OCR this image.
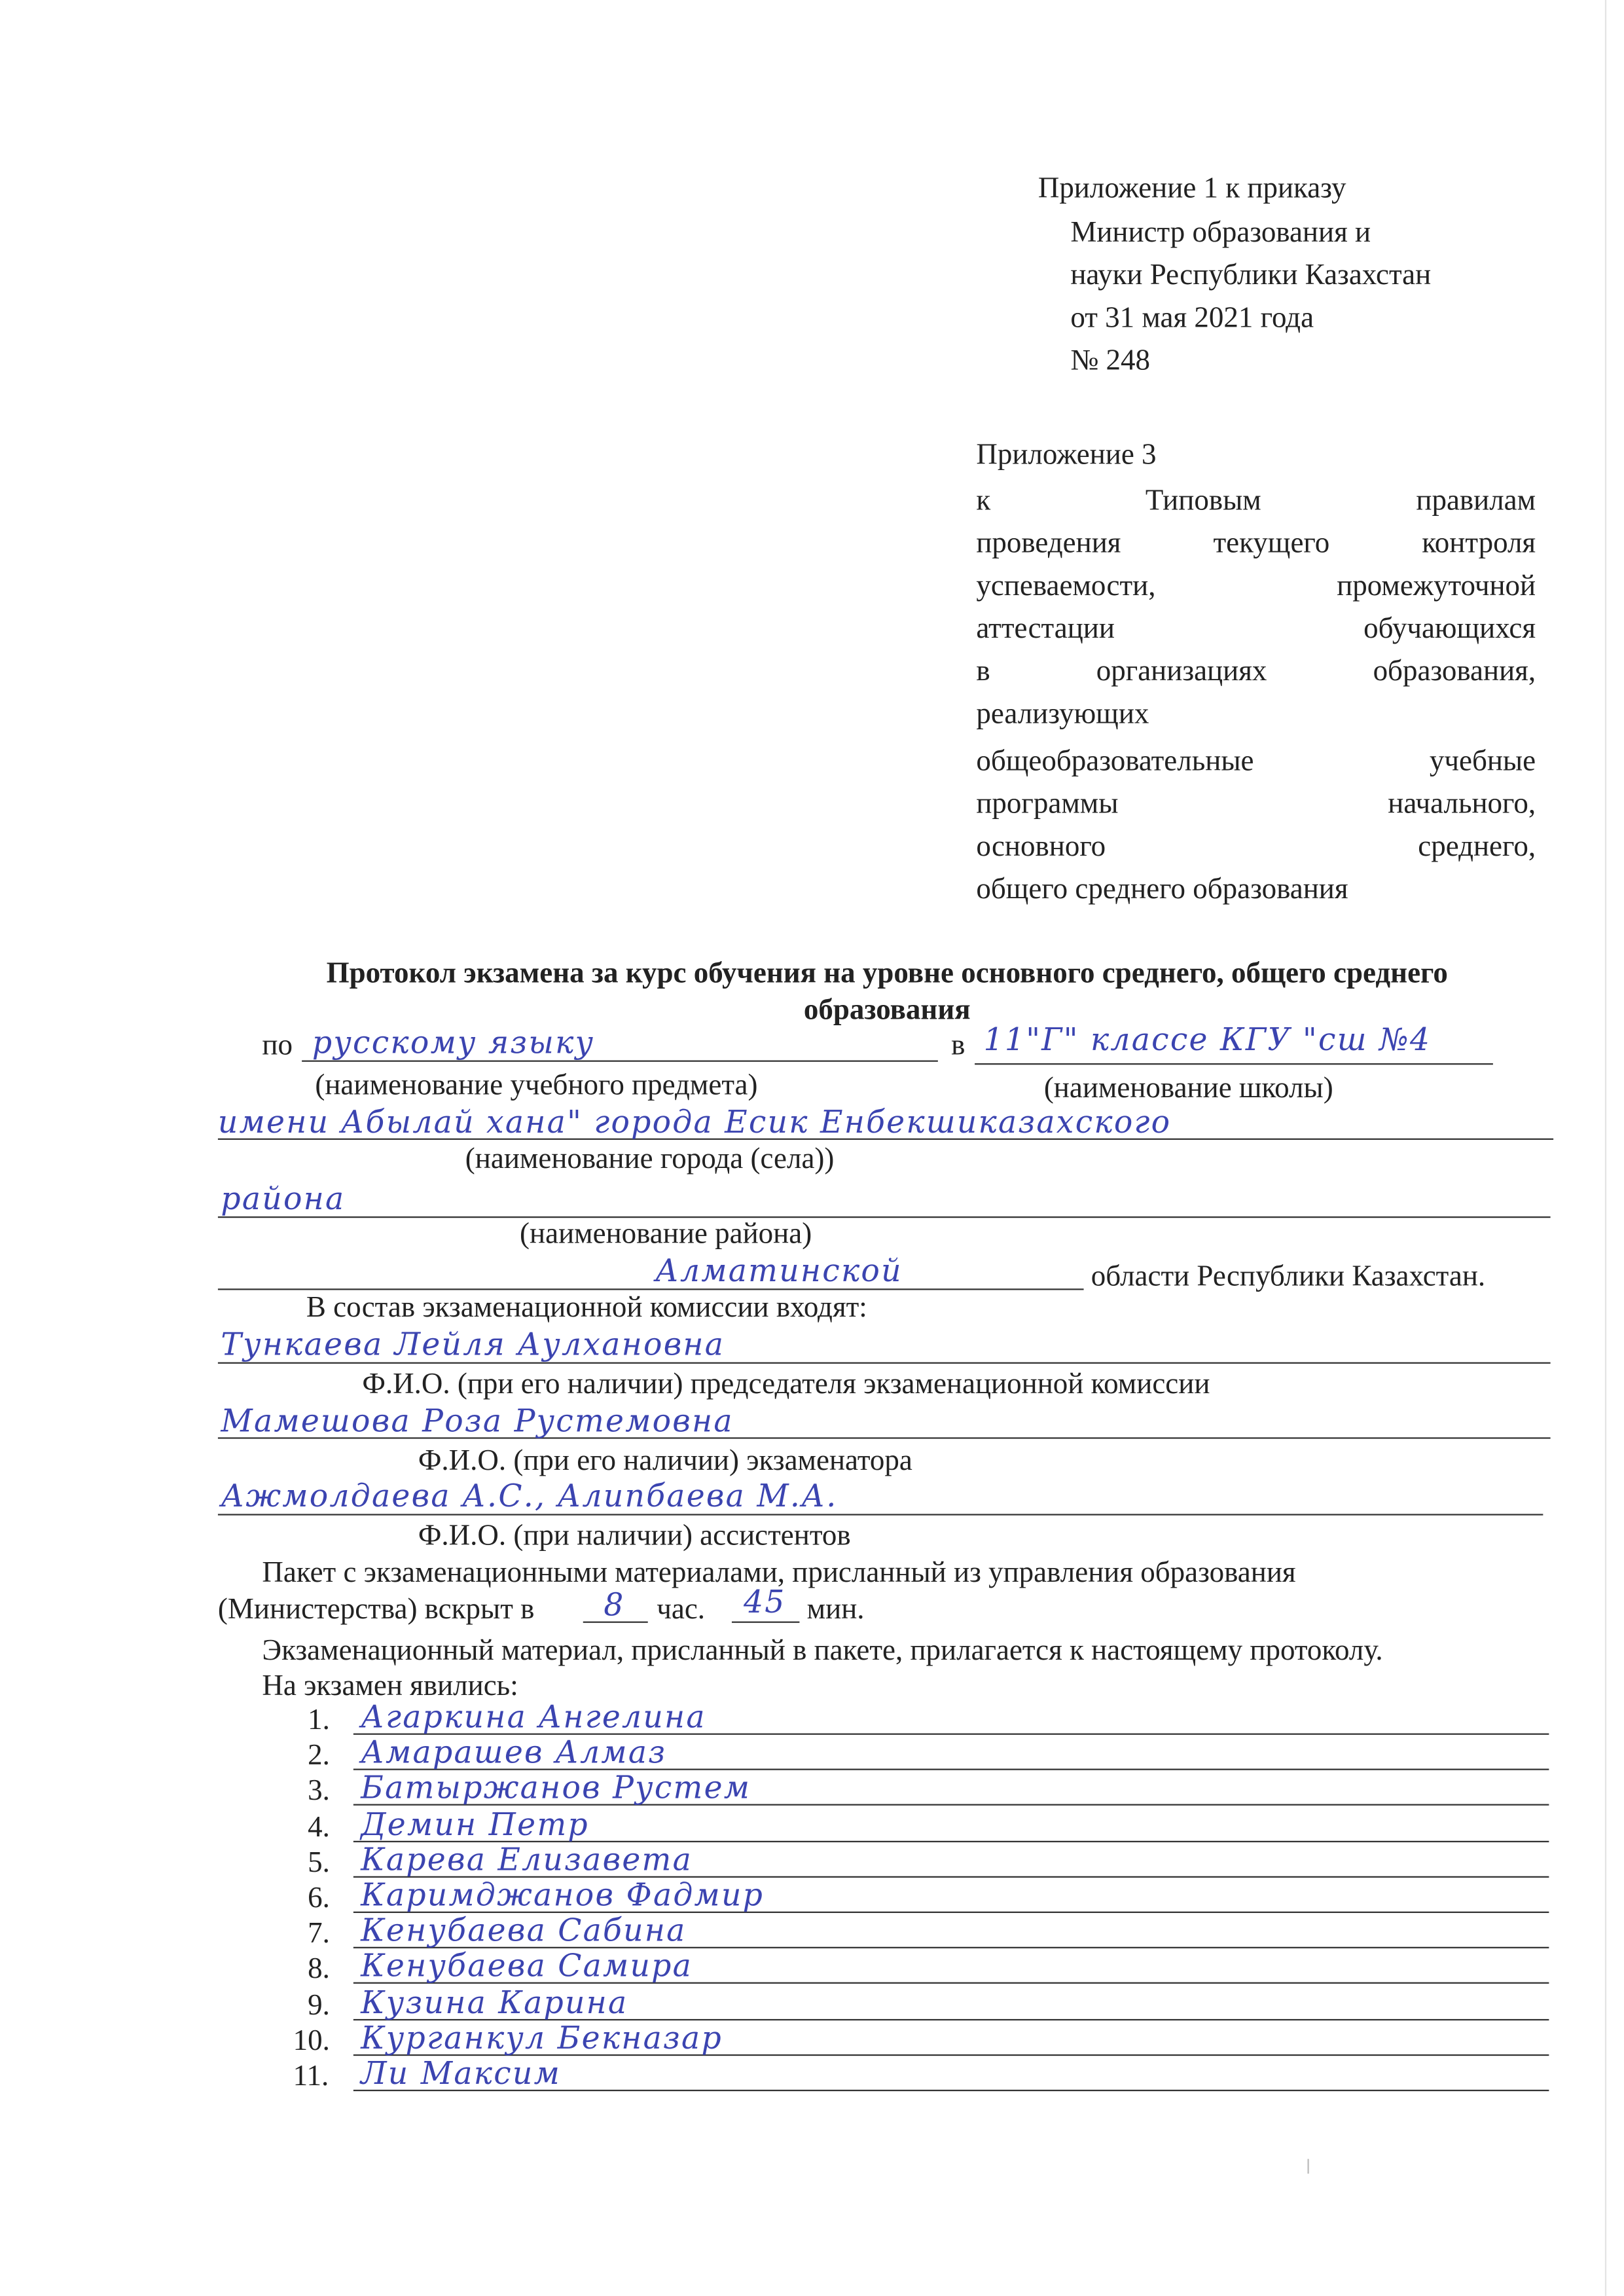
Приложение 1 к приказу
Министр образования и
науки Республики Казахстан
от 31 мая 2021 года
№ 248
Приложение 3
к Типовым правилам
проведения текущего контроля
успеваемости, промежуточной
аттестации обучающихся
в организациях образования,
реализующих
общеобразовательные учебные
программы начального,
основного среднего,
общего среднего образования
Протокол экзамена за курс обучения на уровне основного среднего, общего среднего
образования
по русскому языку	в 11"Г" классе КГУ "сш №4
(наименование учебного предмета)	(наименование школы)
имени Абылай хана" города Есик Енбекшиказахского
(наименование города (села))
района
(наименование района)
Алматинской	области Республики Казахстан.
В состав экзаменационной комиссии входят:
Тункаева Лейля Аулхановна
Ф.И.О. (при его наличии) председателя экзаменационной комиссии
Мамешова Роза Рустемовна
Ф.И.О. (при его наличии) экзаменатора
Ажмолдаева А.С., Алипбаева М.А.
Ф.И.О. (при наличии) ассистентов
Пакет с экзаменационными материалами, присланный из управления образования
(Министерства) вскрыт в	8 час.	45 мин.
Экзаменационный материал, присланный в пакете, прилагается к настоящему протоколу.
На экзамен явились:
1. Агаркина Ангелина
2. Амарашев Алмаз
3. Батыржанов Рустем
4. Демин Петр
5. Карева Елизавета
6. Каримджанов Фадмир
7. Кенубаева Сабина
8. Кенубаева Самира
9. Кузина Карина
10. Курганкул Бекназар
11. Ли Максим
